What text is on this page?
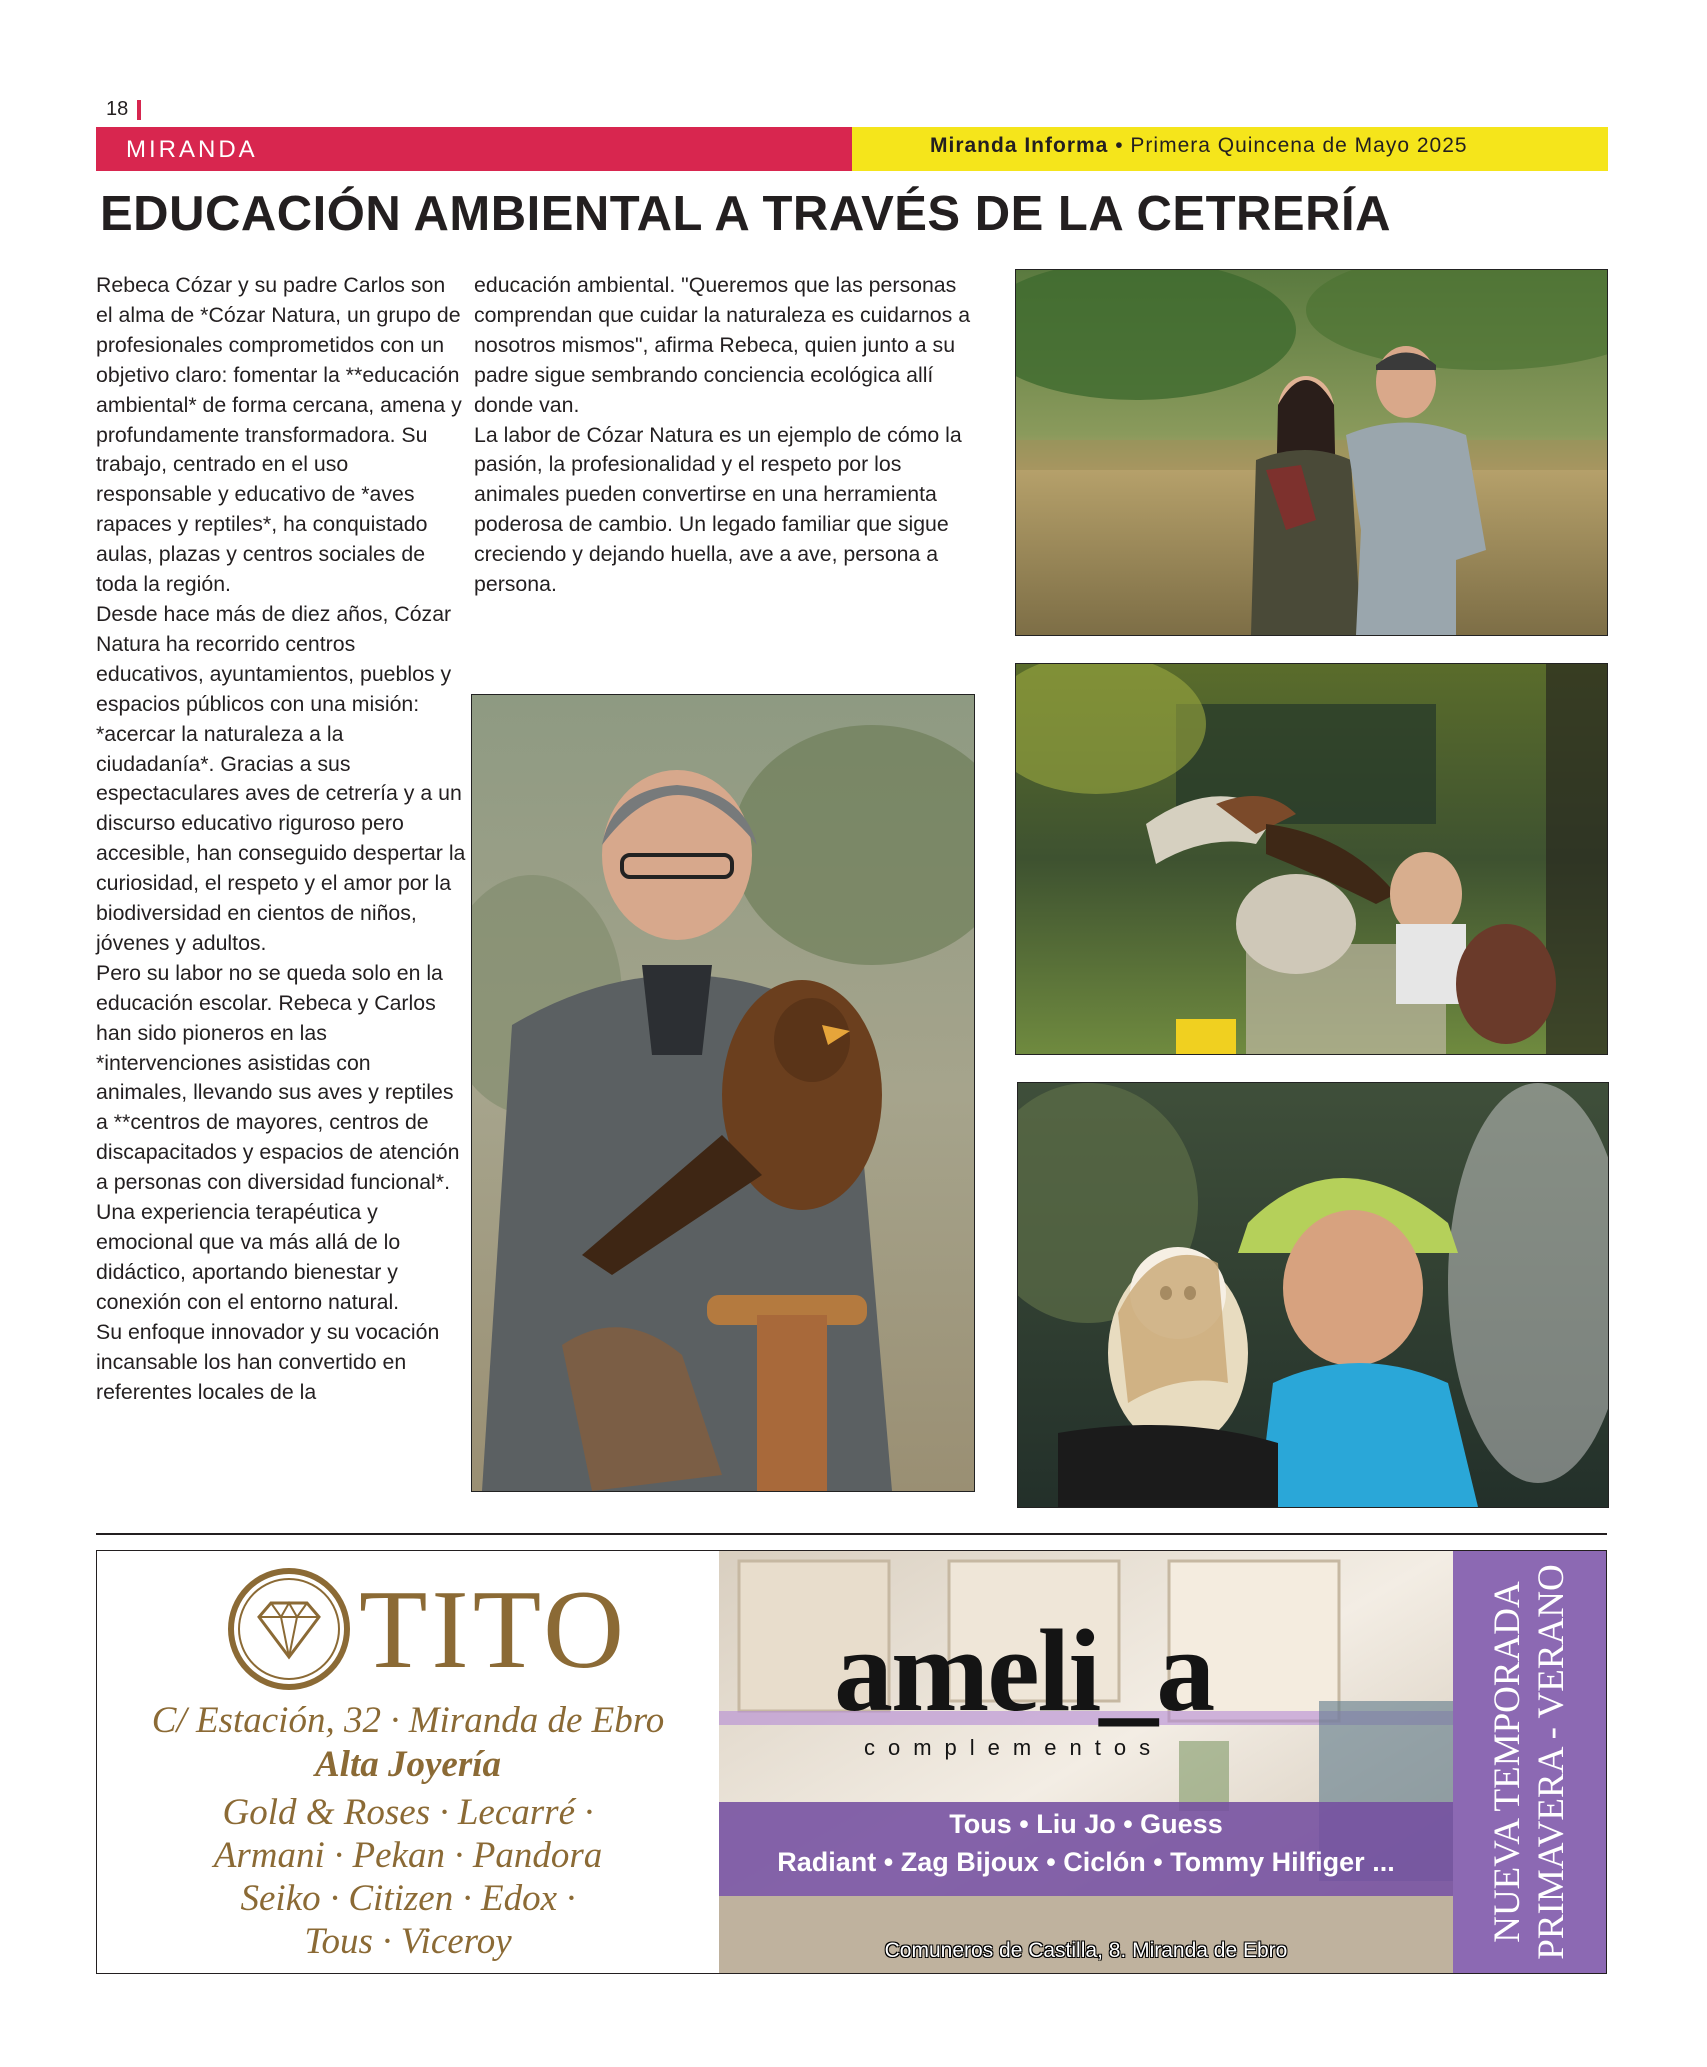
18
MIRANDA	Miranda Informa • Primera Quincena de Mayo 2025
EDUCACIÓN AMBIENTAL A TRAVÉS DE LA CETRERÍA

Rebeca Cózar y su padre Carlos son el alma de *Cózar Natura, un grupo de profesionales comprometidos con un objetivo claro: fomentar la **educación ambiental* de forma cercana, amena y profundamente transformadora. Su trabajo, centrado en el uso responsable y educativo de *aves rapaces y reptiles*, ha conquistado aulas, plazas y centros sociales de toda la región.

Desde hace más de diez años, Cózar Natura ha recorrido centros educativos, ayuntamientos, pueblos y espacios públicos con una misión: *acercar la naturaleza a la ciudadanía*. Gracias a sus espectaculares aves de cetrería y a un discurso educativo riguroso pero accesible, han conseguido despertar la curiosidad, el respeto y el amor por la biodiversidad en cientos de niños, jóvenes y adultos.

Pero su labor no se queda solo en la educación escolar. Rebeca y Carlos han sido pioneros en las *intervenciones asistidas con animales, llevando sus aves y reptiles a **centros de mayores, centros de discapacitados y espacios de atención a personas con diversidad funcional*. Una experiencia terapéutica y emocional que va más allá de lo didáctico, aportando bienestar y conexión con el entorno natural.

Su enfoque innovador y su vocación incansable los han convertido en referentes locales de la

educación ambiental. "Queremos que las personas comprendan que cuidar la naturaleza es cuidarnos a nosotros mismos", afirma Rebeca, quien junto a su padre sigue sembrando conciencia ecológica allí donde van.

La labor de Cózar Natura es un ejemplo de cómo la pasión, la profesionalidad y el respeto por los animales pueden convertirse en una herramienta poderosa de cambio. Un legado familiar que sigue creciendo y dejando huella, ave a ave, persona a persona.

TITO
C/ Estación, 32 · Miranda de Ebro
Alta Joyería
Gold & Roses · Lecarré ·
Armani · Pekan · Pandora
Seiko · Citizen · Edox ·
Tous · Viceroy
ameli_a
complementos
Tous • Liu Jo • Guess
Radiant • Zag Bijoux • Ciclón • Tommy Hilfiger ...
Comuneros de Castilla, 8. Miranda de Ebro
NUEVA TEMPORADA PRIMAVERA - VERANO
